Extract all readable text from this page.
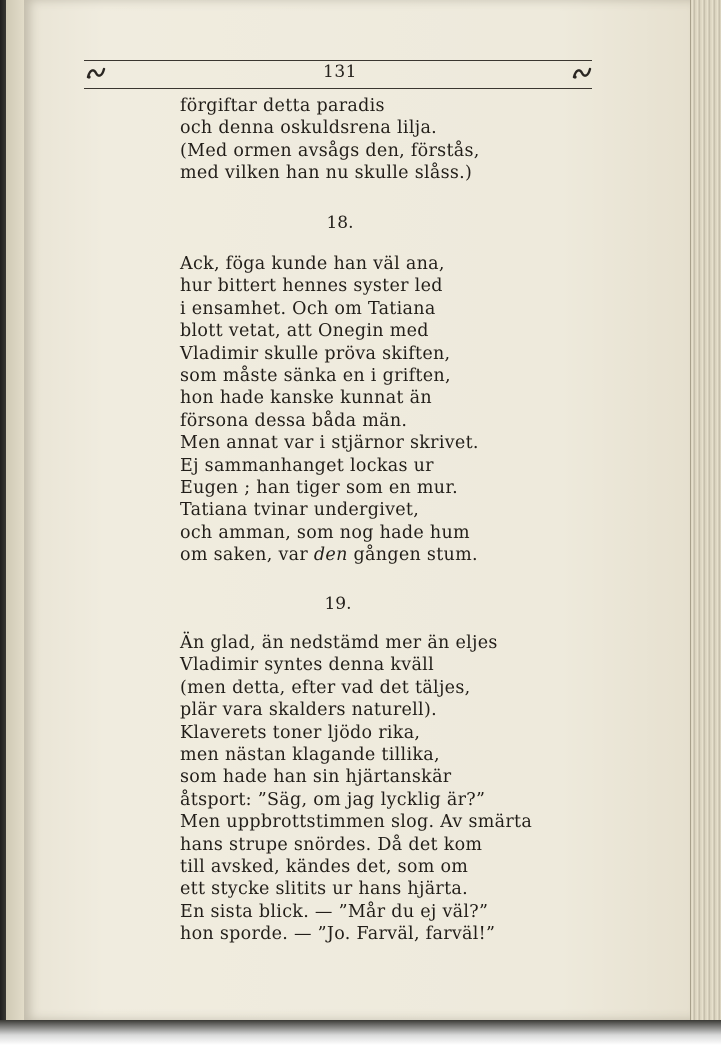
131
förgiftar detta paradis
och denna oskuldsrena lilja.
(Med ormen avsågs den, förstås,
med vilken han nu skulle slåss.)
18.
Ack, föga kunde han väl ana,
hur bittert hennes syster led
i ensamhet. Och om Tatiana
blott vetat, att Onegin med
Vladimir skulle pröva skiften,
som måste sänka en i griften,
hon hade kanske kunnat än
försona dessa båda män.
Men annat var i stjärnor skrivet.
Ej sammanhanget lockas ur
Eugen ; han tiger som en mur.
Tatiana tvinar undergivet,
och amman, som nog hade hum
om saken, var den gången stum.
19.
Än glad, än nedstämd mer än eljes
Vladimir syntes denna kväll
(men detta, efter vad det täljes,
plär vara skalders naturell).
Klaverets toner ljödo rika,
men nästan klagande tillika,
som hade han sin hjärtanskär
åtsport: ”Säg, om jag lycklig är?”
Men uppbrottstimmen slog. Av smärta
hans strupe snördes. Då det kom
till avsked, kändes det, som om
ett stycke slitits ur hans hjärta.
En sista blick. — ”Mår du ej väl?”
hon sporde. — ”Jo. Farväl, farväl!”
